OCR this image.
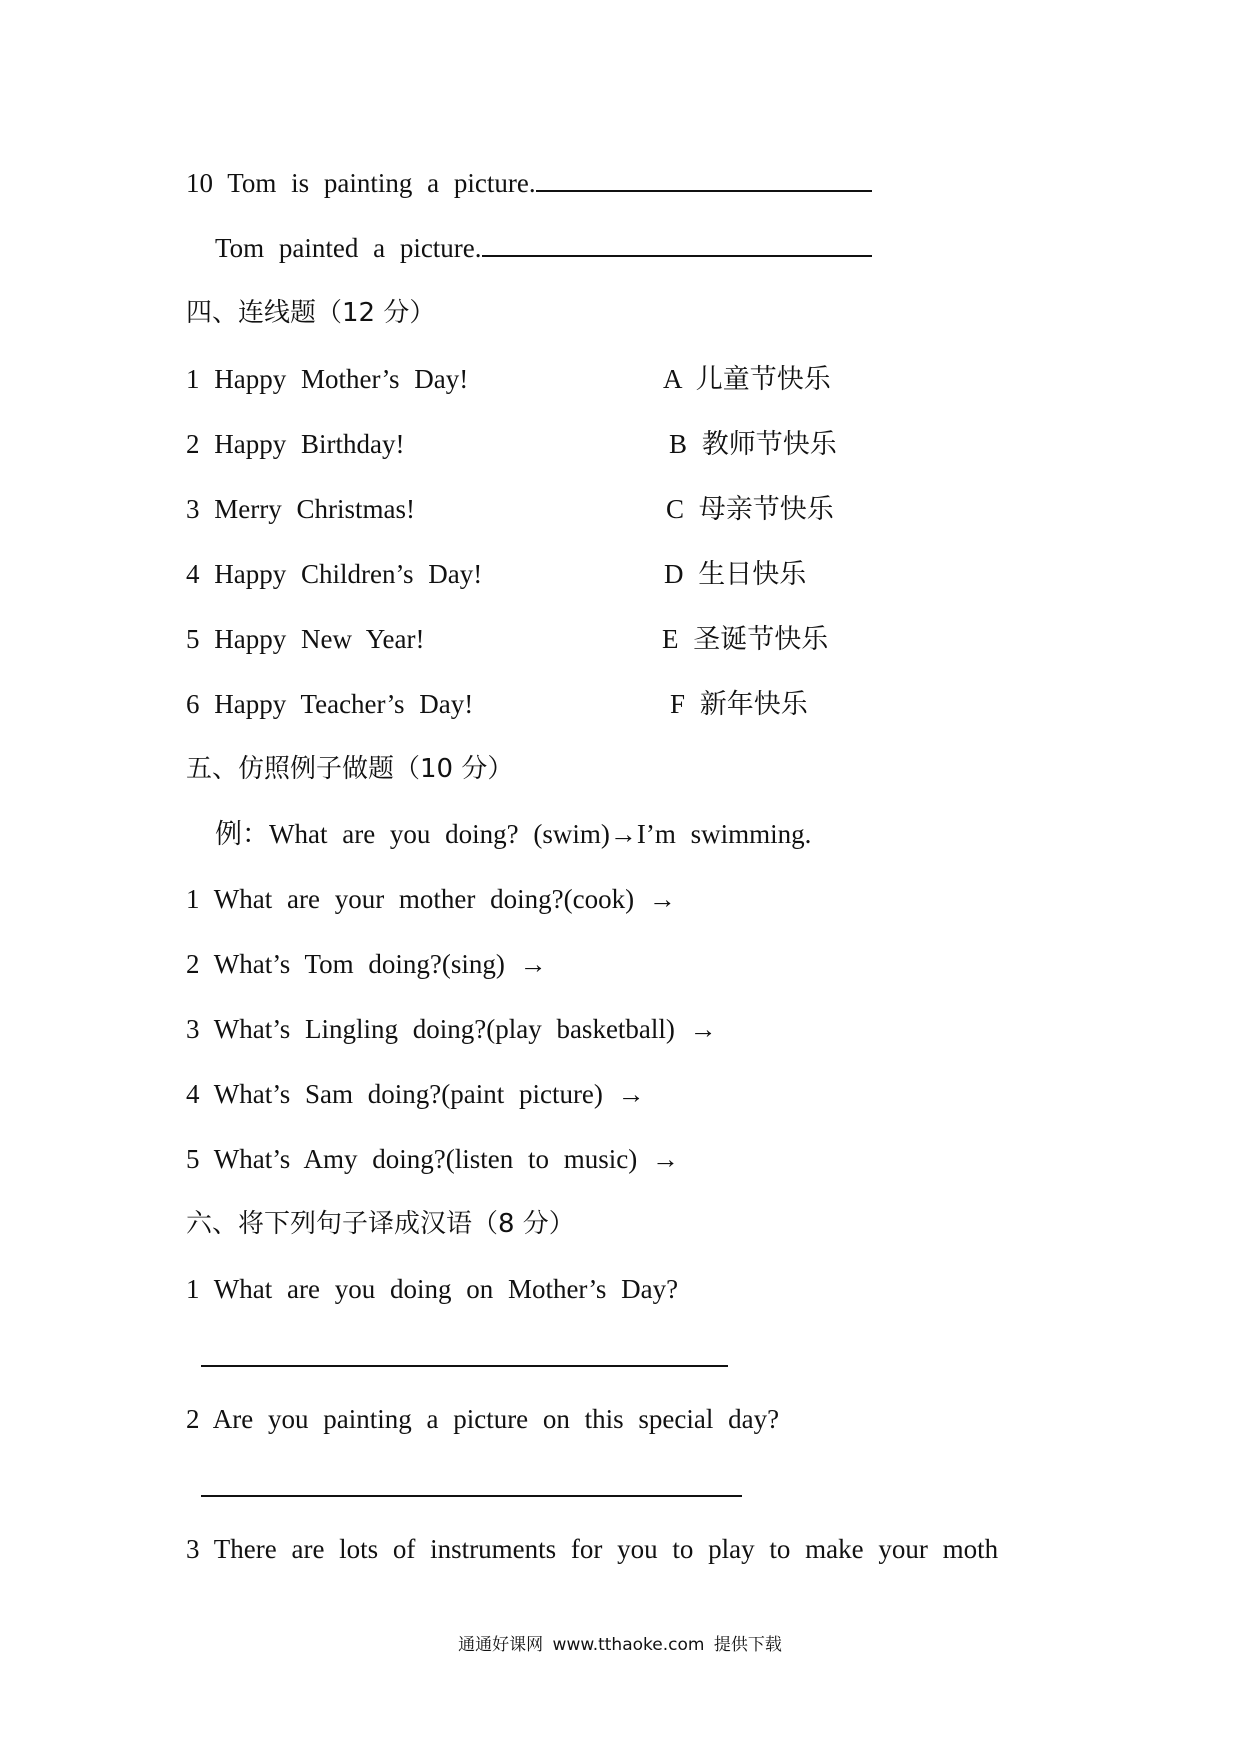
10 Tom is painting a picture.
Tom painted a picture.
四、连线题（12 分）
1 Happy Mother’s Day!
2 Happy Birthday!
3 Merry Christmas!
4 Happy Children’s Day!
5 Happy New Year!
6 Happy Teacher’s Day!
A 儿童节快乐
B 教师节快乐
C 母亲节快乐
D 生日快乐
E 圣诞节快乐
F 新年快乐
五、仿照例子做题（10 分）
例：What are you doing? (swim)→I’m swimming.
1 What are your mother doing?(cook) →
2 What’s Tom doing?(sing) →
3 What’s Lingling doing?(play basketball) →
4 What’s Sam doing?(paint picture) →
5 What’s Amy doing?(listen to music) →
六、将下列句子译成汉语（8 分）
1 What are you doing on Mother’s Day?
2 Are you painting a picture on this special day?
3 There are lots of instruments for you to play to make your moth
通通好课网 www.tthaoke.com 提供下载
